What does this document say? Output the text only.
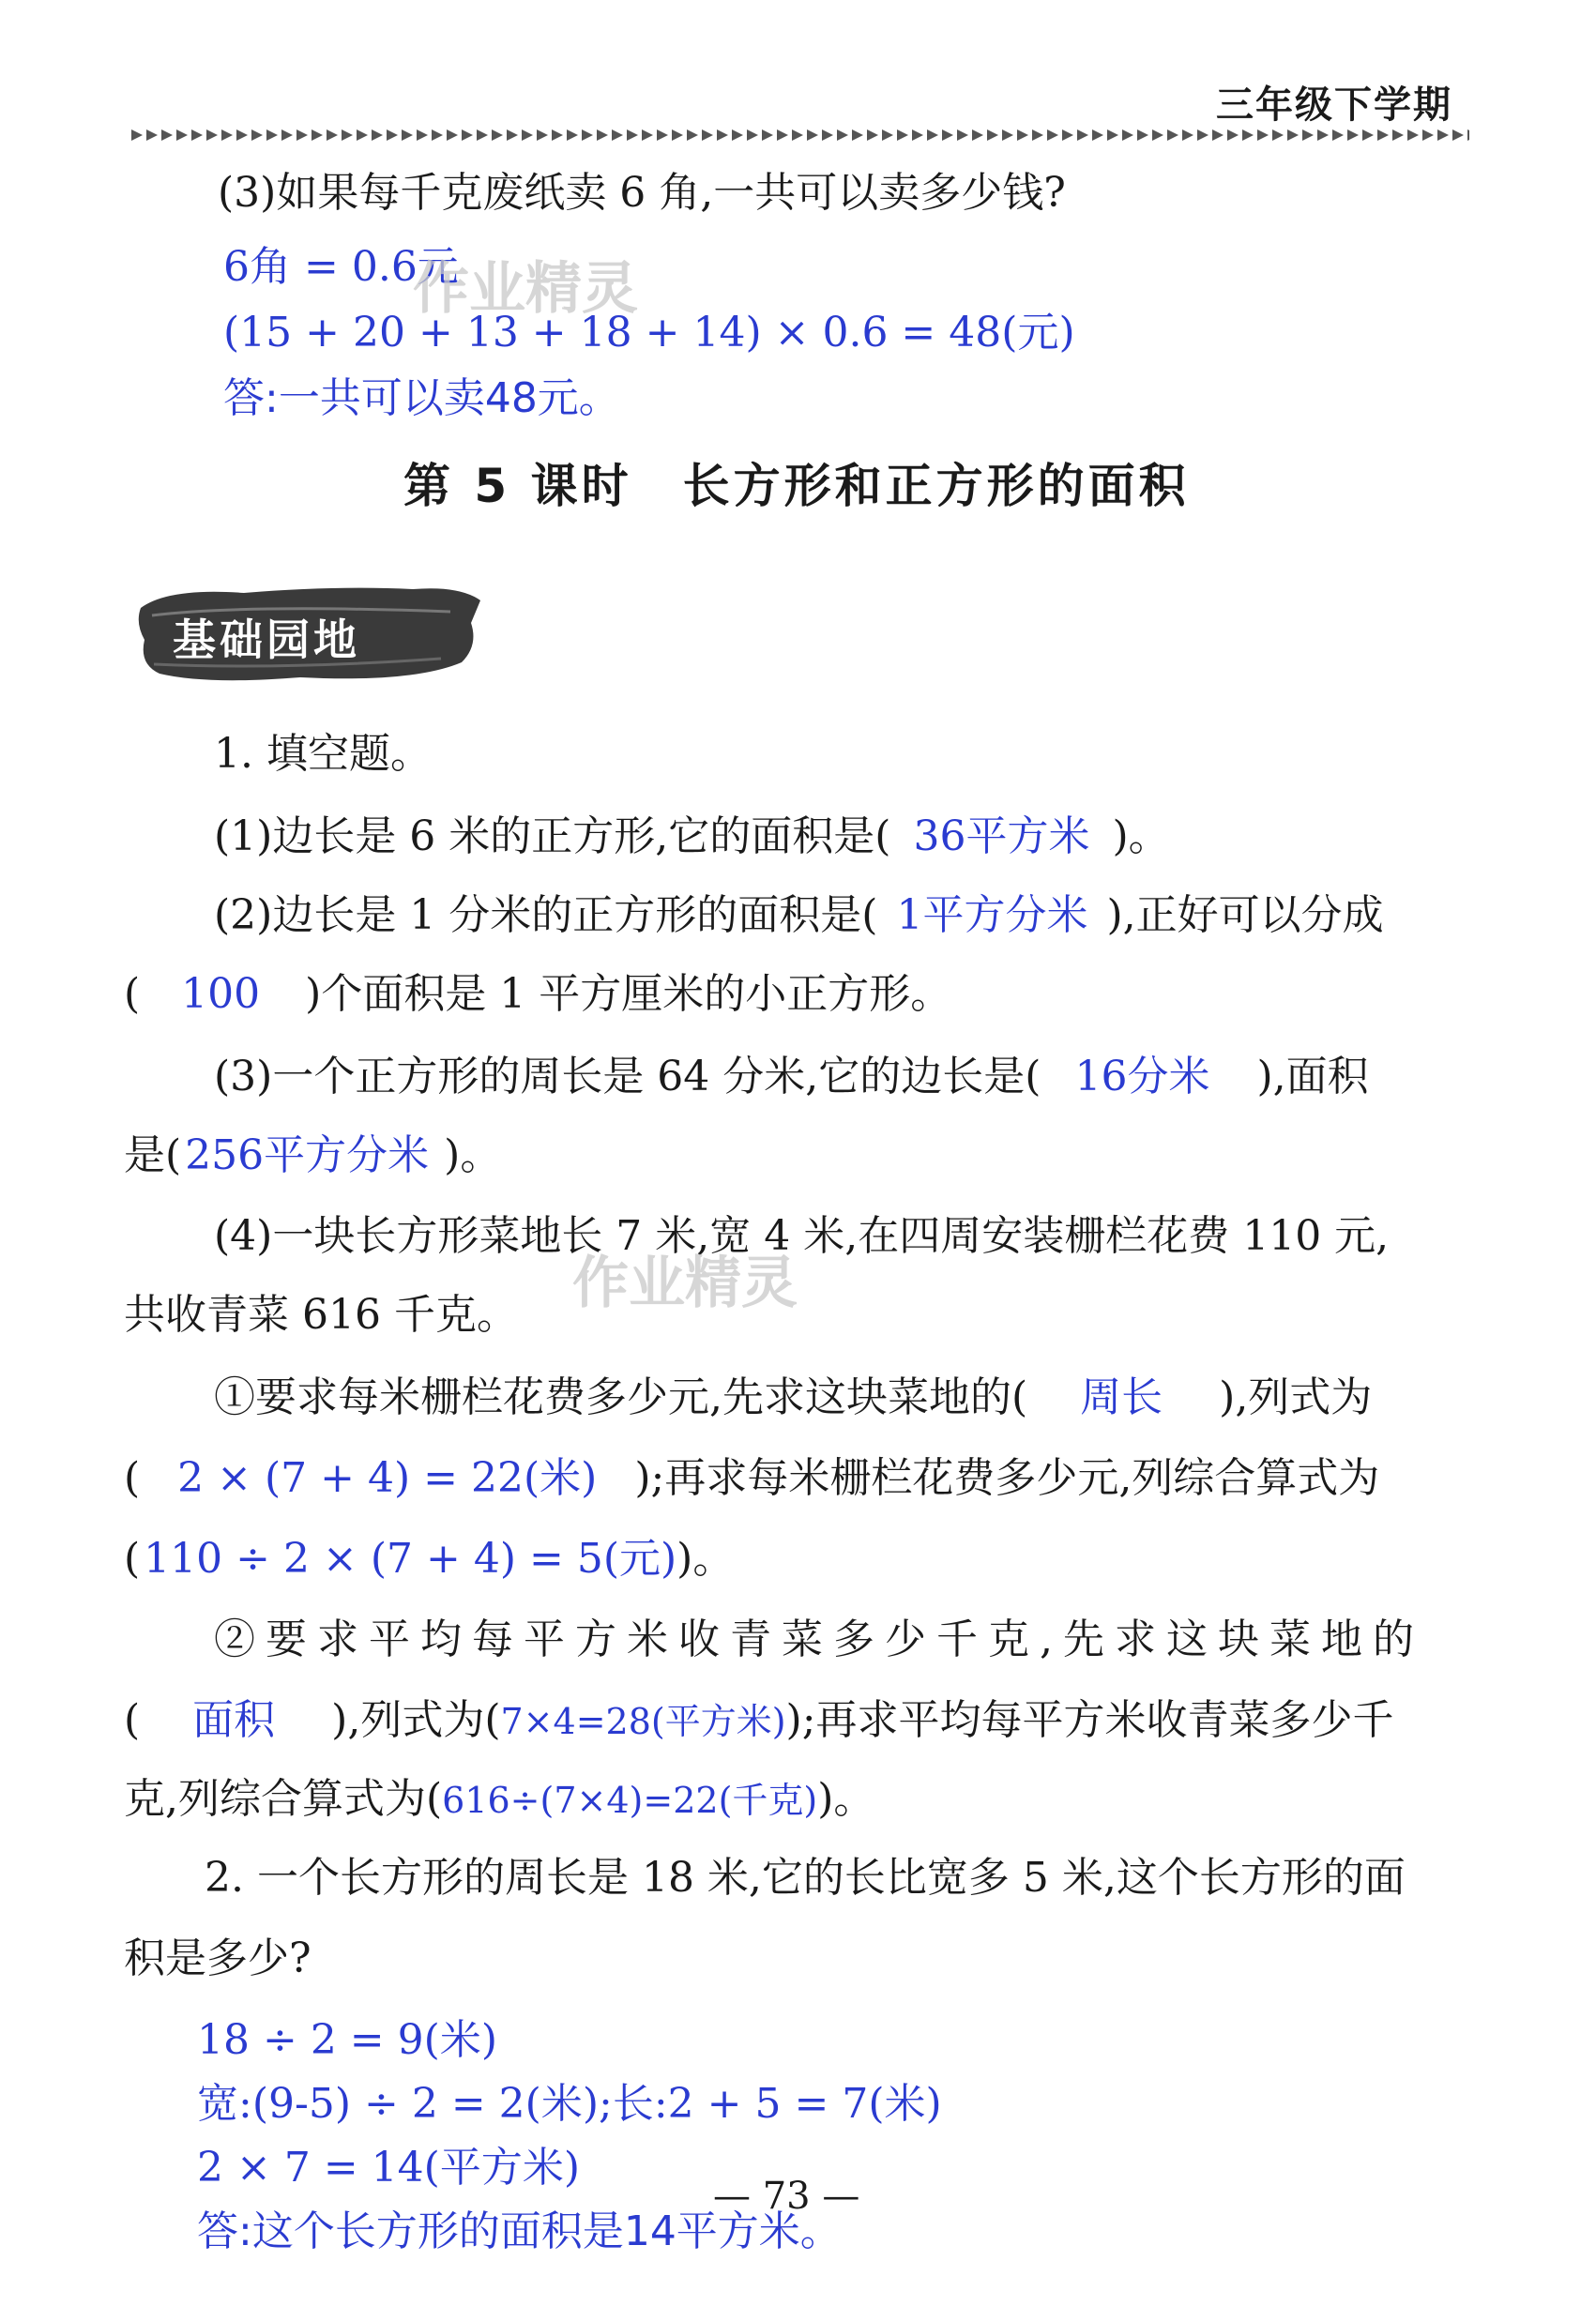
三年级下学期
(3)如果每千克废纸卖 6 角,一共可以卖多少钱?
6角 = 0.6元
(15 + 20 + 13 + 18 + 14) × 0.6 = 48(元)
答:一共可以卖48元。
作业精灵
第 5 课时　长方形和正方形的面积
基础园地
1. 填空题。
(1)边长是 6 米的正方形,它的面积是( 36平方米 )。
(2)边长是 1 分米的正方形的面积是( 1平方分米 ),正好可以分成
( 100 )个面积是 1 平方厘米的小正方形。
(3)一个正方形的周长是 64 分米,它的边长是( 16分米 ),面积
是(256平方分米 )。
(4)一块长方形菜地长 7 米,宽 4 米,在四周安装栅栏花费 110 元,
共收青菜 616 千克。 作业精灵
①要求每米栅栏花费多少元,先求这块菜地的( 周长 ),列式为
( 2 × (7 + 4) = 22(米) );再求每米栅栏花费多少元,列综合算式为
(110 ÷ 2 × (7 + 4) = 5(元))。
②要求平均每平方米收青菜多少千克,先求这块菜地的
( 面积 ),列式为(7×4=28(平方米));再求平均每平方米收青菜多少千
克,列综合算式为(616÷(7×4)=22(千克))。
2. 一个长方形的周长是 18 米,它的长比宽多 5 米,这个长方形的面
积是多少?
18 ÷ 2 = 9(米)
宽:(9-5) ÷ 2 = 2(米);长:2 + 5 = 7(米)
2 × 7 = 14(平方米)
答:这个长方形的面积是14平方米。
— 73 —
